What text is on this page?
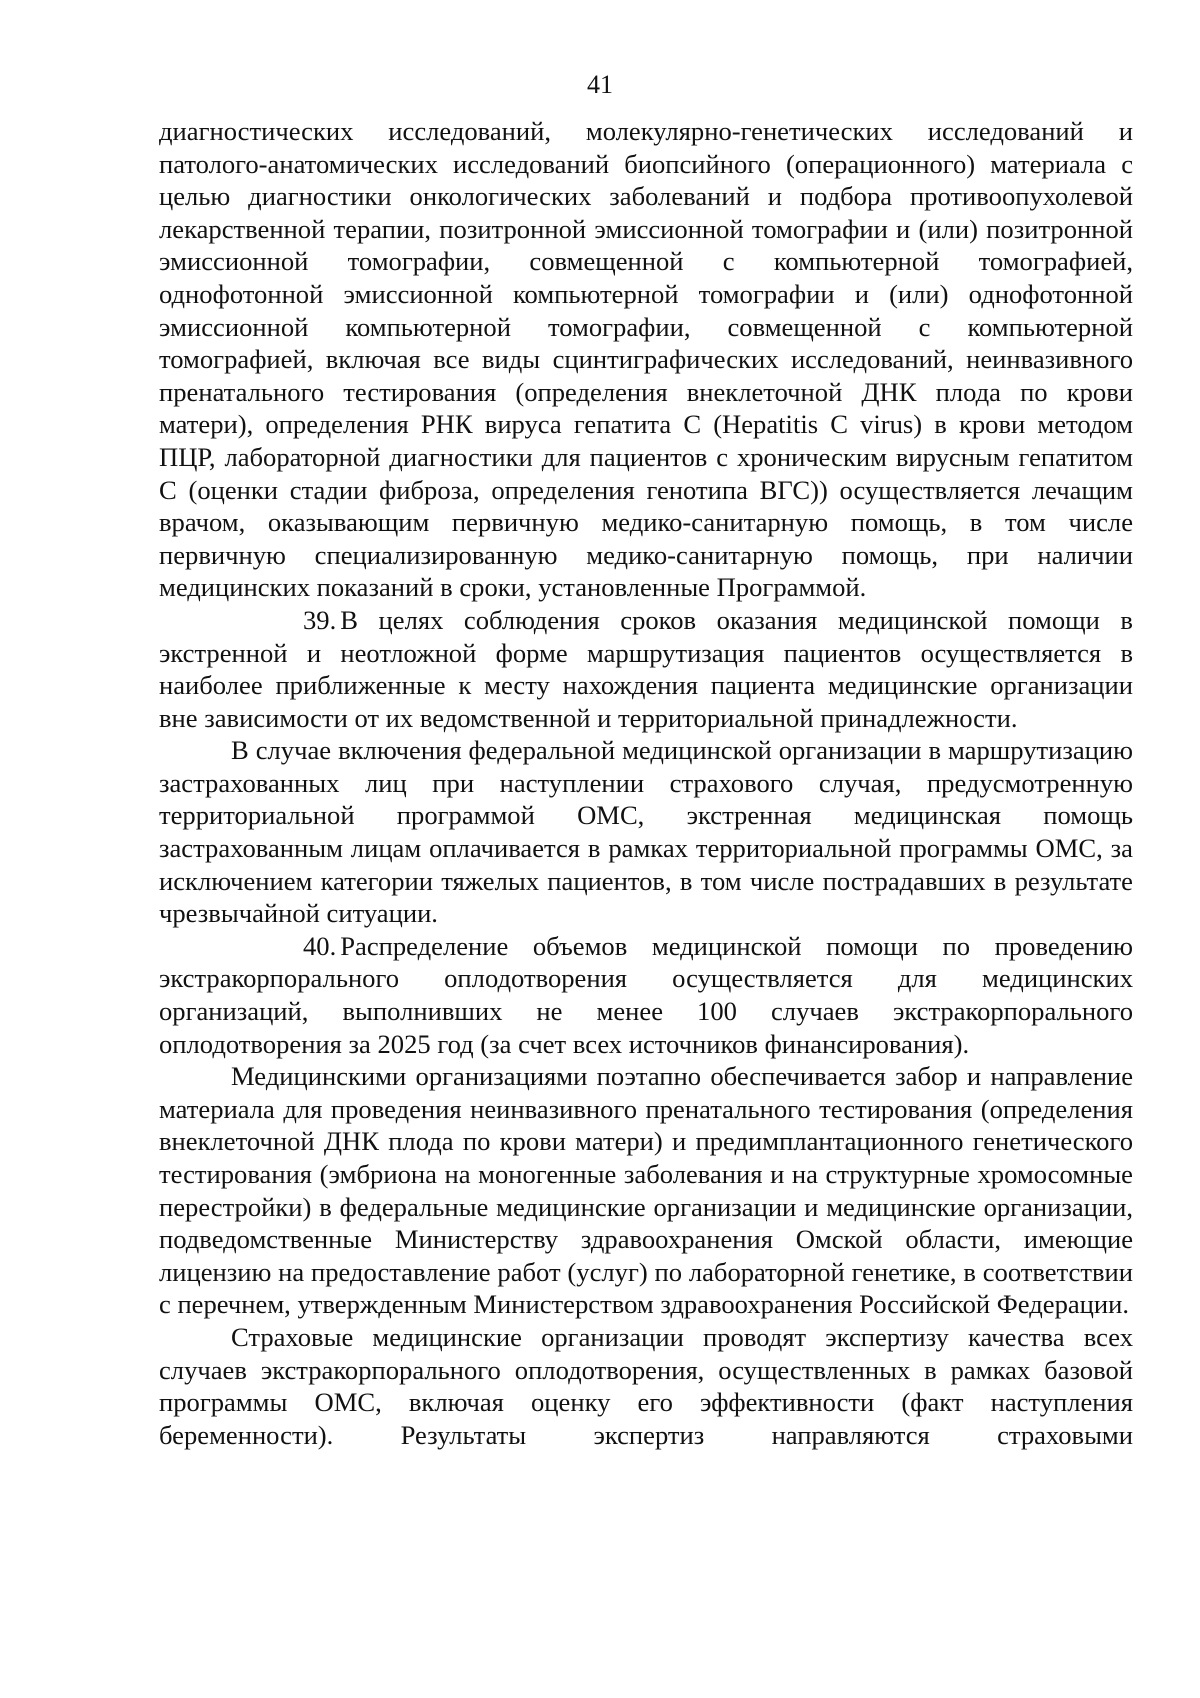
41

диагностических исследований, молекулярно-генетических исследований и патолого-анатомических исследований биопсийного (операционного) материала с целью диагностики онкологических заболеваний и подбора противоопухолевой лекарственной терапии, позитронной эмиссионной томографии и (или) позитронной эмиссионной томографии, совмещенной с компьютерной томографией, однофотонной эмиссионной компьютерной томографии и (или) однофотонной эмиссионной компьютерной томографии, совмещенной с компьютерной томографией, включая все виды сцинтиграфических исследований, неинвазивного пренатального тестирования (определения внеклеточной ДНК плода по крови матери), определения РНК вируса гепатита С (Hepatitis C virus) в крови методом ПЦР, лабораторной диагностики для пациентов с хроническим вирусным гепатитом С (оценки стадии фиброза, определения генотипа ВГС)) осуществляется лечащим врачом, оказывающим первичную медико-санитарную помощь, в том числе первичную специализированную медико-санитарную помощь, при наличии медицинских показаний в сроки, установленные Программой.

39. В целях соблюдения сроков оказания медицинской помощи в экстренной и неотложной форме маршрутизация пациентов осуществляется в наиболее приближенные к месту нахождения пациента медицинские организации вне зависимости от их ведомственной и территориальной принадлежности.

В случае включения федеральной медицинской организации в маршрутизацию застрахованных лиц при наступлении страхового случая, предусмотренную территориальной программой ОМС, экстренная медицинская помощь застрахованным лицам оплачивается в рамках территориальной программы ОМС, за исключением категории тяжелых пациентов, в том числе пострадавших в результате чрезвычайной ситуации.

40. Распределение объемов медицинской помощи по проведению экстракорпорального оплодотворения осуществляется для медицинских организаций, выполнивших не менее 100 случаев экстракорпорального оплодотворения за 2025 год (за счет всех источников финансирования).

Медицинскими организациями поэтапно обеспечивается забор и направление материала для проведения неинвазивного пренатального тестирования (определения внеклеточной ДНК плода по крови матери) и предимплантационного генетического тестирования (эмбриона на моногенные заболевания и на структурные хромосомные перестройки) в федеральные медицинские организации и медицинские организации, подведомственные Министерству здравоохранения Омской области, имеющие лицензию на предоставление работ (услуг) по лабораторной генетике, в соответствии с перечнем, утвержденным Министерством здравоохранения Российской Федерации.

Страховые медицинские организации проводят экспертизу качества всех случаев экстракорпорального оплодотворения, осуществленных в рамках базовой программы ОМС, включая оценку его эффективности (факт наступления беременности). Результаты экспертиз направляются страховыми
